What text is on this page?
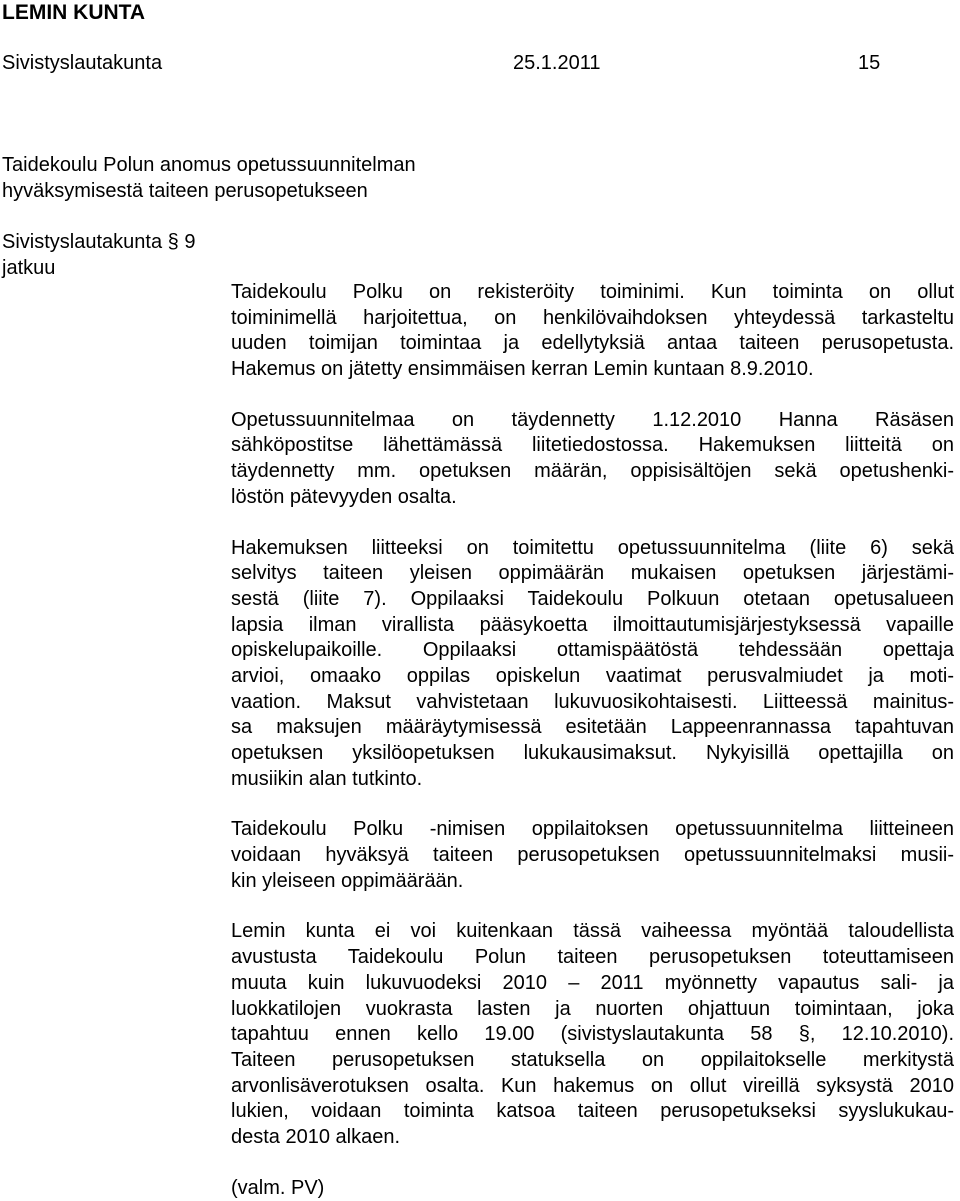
LEMIN KUNTA
Sivistyslautakunta	25.1.2011	15
Taidekoulu Polun anomus opetussuunnitelman
hyväksymisestä taiteen perusopetukseen
Sivistyslautakunta § 9
jatkuu
Taidekoulu Polku on rekisteröity toiminimi. Kun toiminta on ollut
toiminimellä harjoitettua, on henkilövaihdoksen yhteydessä tarkasteltu
uuden toimijan toimintaa ja edellytyksiä antaa taiteen perusopetusta.
Hakemus on jätetty ensimmäisen kerran Lemin kuntaan 8.9.2010.
Opetussuunnitelmaa on täydennetty 1.12.2010 Hanna Räsäsen
sähköpostitse lähettämässä liitetiedostossa. Hakemuksen liitteitä on
täydennetty mm. opetuksen määrän, oppisisältöjen sekä opetushenki-
löstön pätevyyden osalta.
Hakemuksen liitteeksi on toimitettu opetussuunnitelma (liite 6) sekä
selvitys taiteen yleisen oppimäärän mukaisen opetuksen järjestämi-
sestä (liite 7). Oppilaaksi Taidekoulu Polkuun otetaan opetusalueen
lapsia ilman virallista pääsykoetta ilmoittautumisjärjestyksessä vapaille
opiskelupaikoille. Oppilaaksi ottamispäätöstä tehdessään opettaja
arvioi, omaako oppilas opiskelun vaatimat perusvalmiudet ja moti-
vaation. Maksut vahvistetaan lukuvuosikohtaisesti. Liitteessä mainitus-
sa maksujen määräytymisessä esitetään Lappeenrannassa tapahtuvan
opetuksen yksilöopetuksen lukukausimaksut. Nykyisillä opettajilla on
musiikin alan tutkinto.
Taidekoulu Polku -nimisen oppilaitoksen opetussuunnitelma liitteineen
voidaan hyväksyä taiteen perusopetuksen opetussuunnitelmaksi musii-
kin yleiseen oppimäärään.
Lemin kunta ei voi kuitenkaan tässä vaiheessa myöntää taloudellista
avustusta Taidekoulu Polun taiteen perusopetuksen toteuttamiseen
muuta kuin lukuvuodeksi 2010 – 2011 myönnetty vapautus sali- ja
luokkatilojen vuokrasta lasten ja nuorten ohjattuun toimintaan, joka
tapahtuu ennen kello 19.00 (sivistyslautakunta 58 §, 12.10.2010).
Taiteen perusopetuksen statuksella on oppilaitokselle merkitystä
arvonlisäverotuksen osalta. Kun hakemus on ollut vireillä syksystä 2010
lukien, voidaan toiminta katsoa taiteen perusopetukseksi syyslukukau-
desta 2010 alkaen.
(valm. PV)
